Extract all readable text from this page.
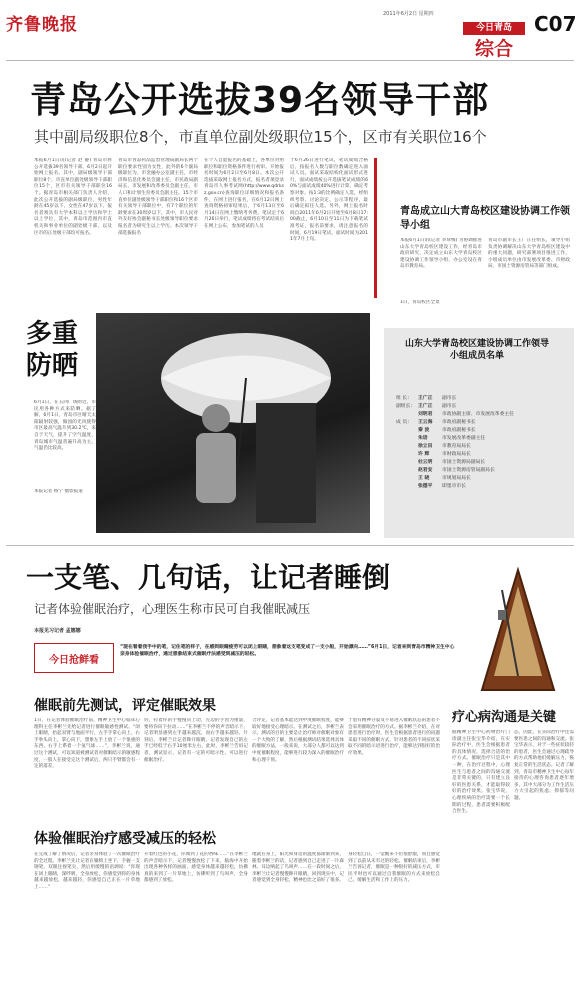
齐鲁晚报
2011年6月2日 星期四
今日青岛
综合
C07
青岛公开选拔39名领导干部
其中副局级职位8个，市直单位副处级职位15个，区市有关职位16个
本报6月1日讯(记者 赵 静) 青岛市将公开选拔39名领导干部，6月2日起开始网上报名。其中，副局级领导干部职位8个，市直单位副处级领导干部职位15个，区市有关领导干部职位16个。据青岛市相关部门负责人介绍，此次公开选拔的副局级职位，男性年龄在45岁以下，女性在47岁以下。报名者须具有大学本科以上学历和学士以上学位，其中，青岛市范围内市直机关和事业单位的副处级干部，以及区市的正处级干部均可报名。
青岛市食品药品监督管理局副局长两个职位要求性别为女性，此外的6个副局级职位为，市金融办公室副主任，市经济和信息化委员会副主任，市民政局副局长，市发展和改革委员会副主任，市人口和计划生育委员会副主任。15个市直单位副处级领导干部职位和16个区市有关领导干部职位中，有7个职位的年龄要求在30周岁以下，其中，市人民对外友好协会副秘书长处级领导职位要求报名者为研究生以上学历。本次领导干部选拔报名
在个人自愿报名的基础上，各单位对照职位和职位资格条件进行初审。开始报名时间为6月2日至6月8日。本次公开选拔采取网上报名方式，报名者须登录青岛市人事考试网(http://www.qdrksz.gov.cn)查询职位详细情况和报名条件，在网上进行报名，在6月12日网上查询资格初审结果后，于6月13日至6月14日在网上缴纳考务费。笔试定于6月26日举行，笔试成绩将在考试结束后在网上公布，参加笔试的人员
于6月26日进行笔试，笔试成绩合格后，按报名人数与职位数确定进入面试人员。面试采取结构化面试形式进行，面试成绩按公开选拔笔试成绩的60%与面试成绩40%进行计算，确定考察对象。按1:3的比例确定人选，经组织考察、讨论决定、公示等程序，最后确定拟任人选。另外，网上报名时间自2011年6月2日开始至6月8日17:00截止，6月10日至11日为下载笔试准考证，报名前要求，请注意报名的时间，6月19日笔试，面试时间为2011年7月上旬。
青岛成立山大青岛校区建设协调工作领导小组
本报6月1日讯(记者 李珍梅) 为协调推进山东大学青岛校区建设工作，经青岛市政府研究，决定成立山东大学青岛校区建设协调工作领导小组，办公室设在青岛市教育局。
青岛市副市长王广正任组长，领导小组负责协调解决山东大学青岛校区建设中的重大问题，研究部署项目推进工作，小组成员单位由市发展改革委、市财政局、市国土资源房管局等部门组成。
1日，青岛校区全景
多重防晒
6月1日，在五四广场附近，市民用各种方式来防晒。据了解，6月1日，青岛市区晴天太阳辐射较强，做园的光风使得市区最高气温升到30.2℃，来自于天气，提升了空气温度，青岛城市气温普遍升高为主。气温仍比较高。
本报记者 杨宁 摄影报道
山东大学青岛校区建设协调工作领导小组成员名单
组 长：	王广正	副市长
副组长： 王广正	副市长
刘明君	市政协副主席、市发展改革委主任
成 员：	王云海	市政府副秘书长
秦 波	市政府副秘书长
朱语	市发展改革委副主任
徐立田	市教育局局长
许 辉	市财政局局长
杜云明	市国土资源局副局长
赵君安	市国土资源房管局副局长
王 晓	市规划局局长
张德平	即墨市市长
一支笔、几句话，让记者睡倒
记者体验催眠治疗，心理医生称市民可自我催眠减压
本报见习记者 孟娜娜
今日抢鲜看
“现在看着我手中的笔，记住笔的样子，在感到眼睛疲劳可以闭上眼睛，想象着这支笔变成了一支小船，开始漂向……”6月1日，记者来到青岛市精神卫生中心亲身体验催眠治疗，通过想象结束式催眠疗法感受到减压的轻松。
催眠前先测试，评定催眠效果
1日，在记者体验催眠治疗前，精神卫生中心临床心理科主任李彬兰先给记者进行催眠敏感性测试。“闭上眼睛，抬起双臂与地面平行，左手手掌心向上，右手拳头向上，掌心向下，想象左手上放了一个很重的东西，右手上系着一个氢气球……”，李彬兰说，通过这个测试，可以知道被测试者对催眠暗示的敏感程度，一般人在接受完这个测试后，两只手臂都会有一定的落差，
轻，拉着你的手慢慢向上动，左边的手因为重量，要将你向下拉动……”在李彬兰不停的声音暗示下，记者明显感到左手越来越沉，而右手越来越轻。片刻后，李彬兰让记者睁开眼睛，记者发现自己的左手已经低于右手10厘米左右，此时，李彬兰告诉记者，测试显示，记者有一定的可暗示性，可以进行催眠治疗。
合评定，记者基本能达到中度催眠程度，能够较好地接受心理暗示。在测试之后，李彬兰表示，测试的目的主要是让治疗师对催眠对象有一个大致的了解，然后根据测试结果选择具体的催眠方法，一般来说，大部分人都可以达到中度催眠程度，能够进行较为深入的催眠治疗和心理干预。
于患有精神分裂及不易进入催眠状态的患者不会采用催眠治疗的方式。据李彬兰介绍，在对患者进行治疗时，医生会根据患者进行的问题采取不同的催眠方式，针对患者的不同症状采取不同的暗示语进行治疗，能够达到很好的治疗效果。
体验催眠治疗感受减压的轻松
在完成了解了情况后，记者亲身体验了一次催眠治疗的全过程。李彬兰先让记者在躺椅上坐下，手握一支钢笔，双眼注视笔尖，然后用缓慢的语调说：“你现在闭上眼睛，深呼吸，全身放松，你感觉到你的身体越来越放松，越来越轻，你感觉自己正在一片草地上……”
开着红色的小花，你闻到了花的香味……”在李彬兰的声音暗示下，记者慢慢放松了下来，脑海中开始出现各种各样的画面，感觉身体越来越轻松，仿佛真的来到了一片草地上，仿佛听到了鸟叫声，全身都感到了放松。
地就在身上，阳光和身边的温度都渐渐到来，随着李彬兰的话，记者感到自己走进了一片森林，耳边响起了鸟叫声……在一段时间之后，李彬兰让记者慢慢睁开眼睛，回到现实中，记者感觉到全身轻松，精神也比之前好了很多。
身轻松自在，一觉醒来不但很舒服，而且感觉到了以前从未有过的轻松。催眠结束后，李彬兰告诉记者，催眠是一种很好的减压方式，市民平时也可以通过自我催眠的方式来放松自己，缓解生活和工作上的压力。
疗心病沟通是关键
据精神卫生中心药物治疗门诊副主任张宝华介绍，在实际治疗中，医生会根据患者的具体情况，选择合适的治疗方式。催眠治疗只是其中一种，在治疗过程中，心理医生与患者之间的沟通交流是非常关键的，只有建立良好的医患关系，才能取得较好的治疗效果。张宝华说，心理疾病的治疗需要一个长期的过程，患者需要积极配合医生。
态，因此，在实际治疗中还需要医患之间的沟通和交流。张宝华表示，对于一些症状较轻的患者，医生会通过心理疏导的方式帮助他们缓解压力，恢复正常的生活状态。记者了解到，青岛市精神卫生中心每年接待的心理咨询患者逐年增多，其中大部分为工作生活压力大引起的焦虑、抑郁等问题。
